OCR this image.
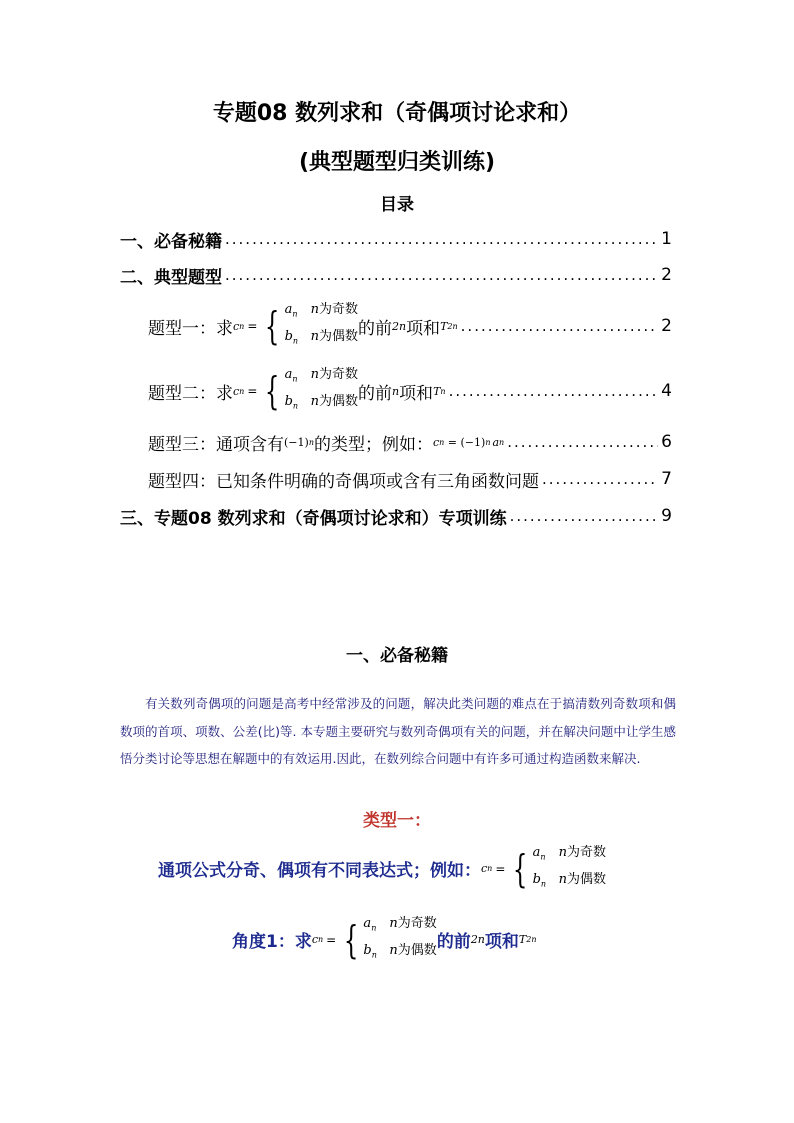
专题08 数列求和（奇偶项讨论求和）
(典型题型归类训练)
目录
一、必备秘籍 .....	1
二、典型题型 .....	2
题型一：求 c n = { $a_n$ n为奇数
$b_n$ n为偶数 的前 2n 项和 T 2n .....	2
题型二：求 c n = { $a_n$ n为奇数
$b_n$ n为偶数 的前 n 项和 T n .....	4
题型三：通项含有 (−1) n 的类型；例如： c n = (−1) n a n .....	6
题型四：已知条件明确的奇偶项或含有三角函数问题 .....	7
三、专题08 数列求和（奇偶项讨论求和）专项训练 .....	9
一、必备秘籍
有关数列奇偶项的问题是高考中经常涉及的问题，解决此类问题的难点在于搞清数列奇数项和偶数项的首项、项数、公差(比)等. 本专题主要研究与数列奇偶项有关的问题，并在解决问题中让学生感悟分类讨论等思想在解题中的有效运用.因此，在数列综合问题中有许多可通过构造函数来解决.
类型一：
通项公式分奇、偶项有不同表达式；例如： c n = { $a_n$ n为奇数
$b_n$ n为偶数
角度1：求 c n = { $a_n$ n为奇数
$b_n$ n为偶数 的前 2n 项和 T 2n
